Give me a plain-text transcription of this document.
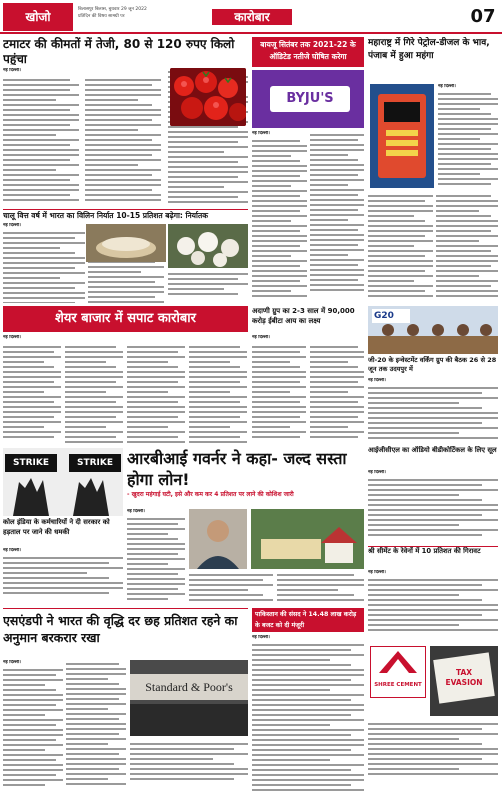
खोजो
बिलासपुर बिलास, बुधवार 29 जून 2022
प्रतिदिन की विषय सामग्री पर	कारोबार	07
टमाटर की कीमतों में तेजी, 80 से 120 रुपए किलो पहुंचा
नई दिल्ली।
चालू वित्त वर्ष में भारत का विलिन निर्यात 10-15 प्रतिशत बढ़ेगा: निर्यातक
नई दिल्ली।
बायजू सितंबर तक 2021-22 के ऑडिटेड नतीजे घोषित करेगा
BYJU'S
नई दिल्ली।
महाराष्ट्र में गिरे पेट्रोल-डीजल के भाव, पंजाब में हुआ महंगा
नई दिल्ली।
शेयर बाजार में सपाट कारोबार
नई दिल्ली।
अदाणी ग्रुप का 2-3 साल में 90,000 करोड़ ईबीटा आय का लक्ष्य
नई दिल्ली।
G20
जी-20 के इन्वेस्टमेंट वर्किंग ग्रुप की बैठक 26 से 28 जून तक उदयपुर में
नई दिल्ली।
STRIKE	STRIKE
कोल इंडिया के कर्मचारियों ने दी सरकार को हड़ताल पर जाने की धमकी
नई दिल्ली।
आरबीआई गवर्नर ने कहा- जल्द सस्ता होगा लोन!
- खुदरा महंगाई घटी, इसे और कम कर 4 प्रतिशत पर लाने की कोशिश जारी
नई दिल्ली।
आईजीसीएल का ऑडियो बीडीकोर्टिकल के लिए सूल
नई दिल्ली।
श्री सीमेंट के रेवेनों में 10 प्रतिशत की गिरावट
नई दिल्ली।
एसएंडपी ने भारत की वृद्धि दर छह प्रतिशत रहने का अनुमान बरकरार रखा
नई दिल्ली।
Standard & Poor's
पाकिस्तान की संसद ने 14.48 लाख करोड़ के बजट को दी मंजूरी
नई दिल्ली।
SHREE CEMENT
TAX EVASION
